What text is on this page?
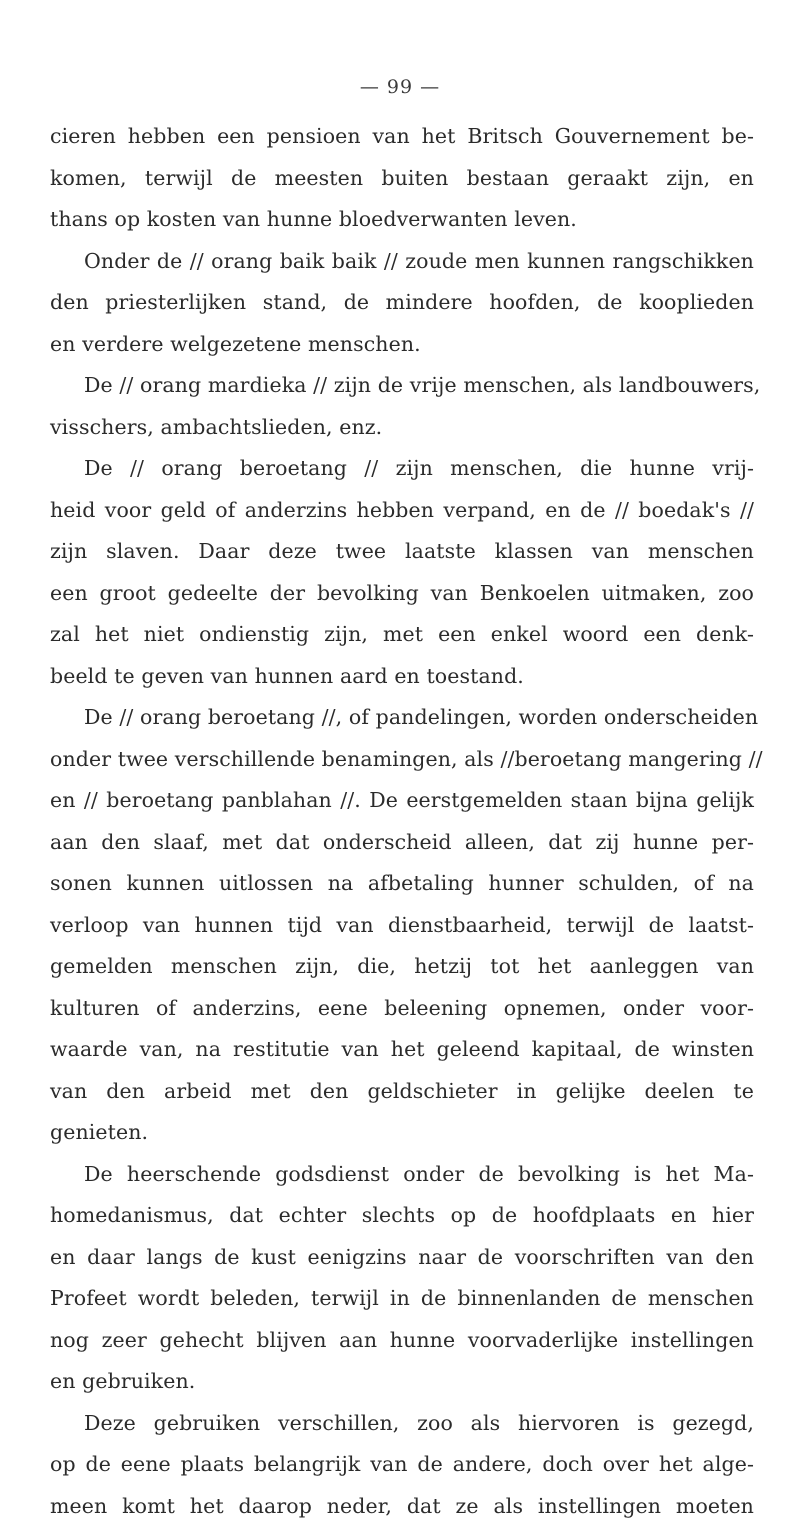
— 99 —
cieren hebben een pensioen van het Britsch Gouvernement be-
komen, terwijl de meesten buiten bestaan geraakt zijn, en
thans op kosten van hunne bloedverwanten leven.
Onder de // orang baik baik // zoude men kunnen rangschikken
den priesterlijken stand, de mindere hoofden, de kooplieden
en verdere welgezetene menschen.
De // orang mardieka // zijn de vrije menschen, als landbouwers,
visschers, ambachtslieden, enz.
De // orang beroetang // zijn menschen, die hunne vrij-
heid voor geld of anderzins hebben verpand, en de // boedak's //
zijn slaven. Daar deze twee laatste klassen van menschen
een groot gedeelte der bevolking van Benkoelen uitmaken, zoo
zal het niet ondienstig zijn, met een enkel woord een denk-
beeld te geven van hunnen aard en toestand.
De // orang beroetang //, of pandelingen, worden onderscheiden
onder twee verschillende benamingen, als //beroetang mangering //
en // beroetang panblahan //. De eerstgemelden staan bijna gelijk
aan den slaaf, met dat onderscheid alleen, dat zij hunne per-
sonen kunnen uitlossen na afbetaling hunner schulden, of na
verloop van hunnen tijd van dienstbaarheid, terwijl de laatst-
gemelden menschen zijn, die, hetzij tot het aanleggen van
kulturen of anderzins, eene beleening opnemen, onder voor-
waarde van, na restitutie van het geleend kapitaal, de winsten
van den arbeid met den geldschieter in gelijke deelen te
genieten.
De heerschende godsdienst onder de bevolking is het Ma-
homedanismus, dat echter slechts op de hoofdplaats en hier
en daar langs de kust eenigzins naar de voorschriften van den
Profeet wordt beleden, terwijl in de binnenlanden de menschen
nog zeer gehecht blijven aan hunne voorvaderlijke instellingen
en gebruiken.
Deze gebruiken verschillen, zoo als hiervoren is gezegd,
op de eene plaats belangrijk van de andere, doch over het alge-
meen komt het daarop neder, dat ze als instellingen moeten
